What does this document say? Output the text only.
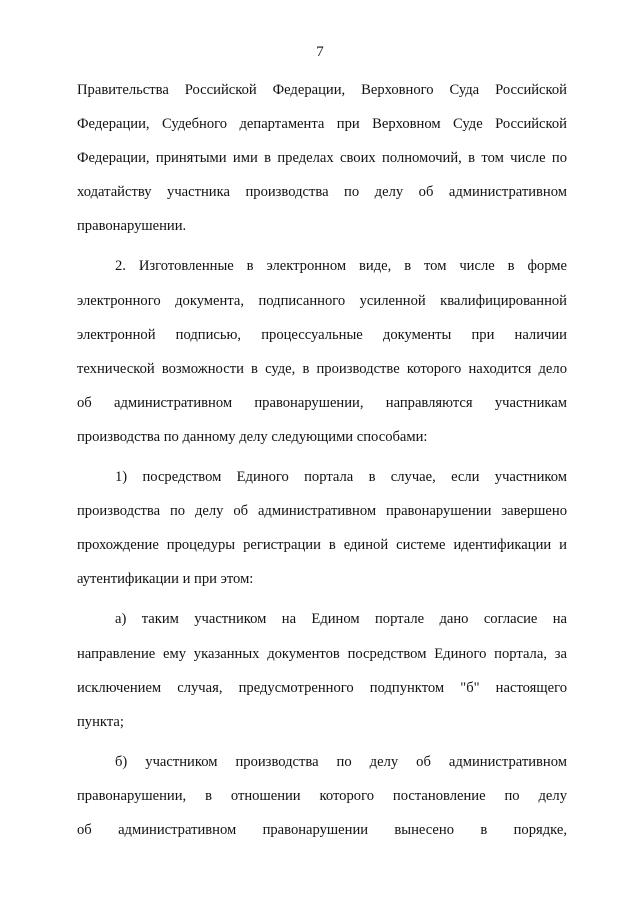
7
Правительства Российской Федерации, Верховного Суда Российской
Федерации, Судебного департамента при Верховном Суде Российской
Федерации, принятыми ими в пределах своих полномочий, в том числе по
ходатайству участника производства по делу об административном
правонарушении.
2. Изготовленные в электронном виде, в том числе в форме
электронного документа, подписанного усиленной квалифицированной
электронной подписью, процессуальные документы при наличии
технической возможности в суде, в производстве которого находится дело
об административном правонарушении, направляются участникам
производства по данному делу следующими способами:
1) посредством Единого портала в случае, если участником
производства по делу об административном правонарушении завершено
прохождение процедуры регистрации в единой системе идентификации и
аутентификации и при этом:
а) таким участником на Едином портале дано согласие на
направление ему указанных документов посредством Единого портала, за
исключением случая, предусмотренного подпунктом "б" настоящего
пункта;
б) участником производства по делу об административном
правонарушении, в отношении которого постановление по делу
об административном правонарушении вынесено в порядке,
